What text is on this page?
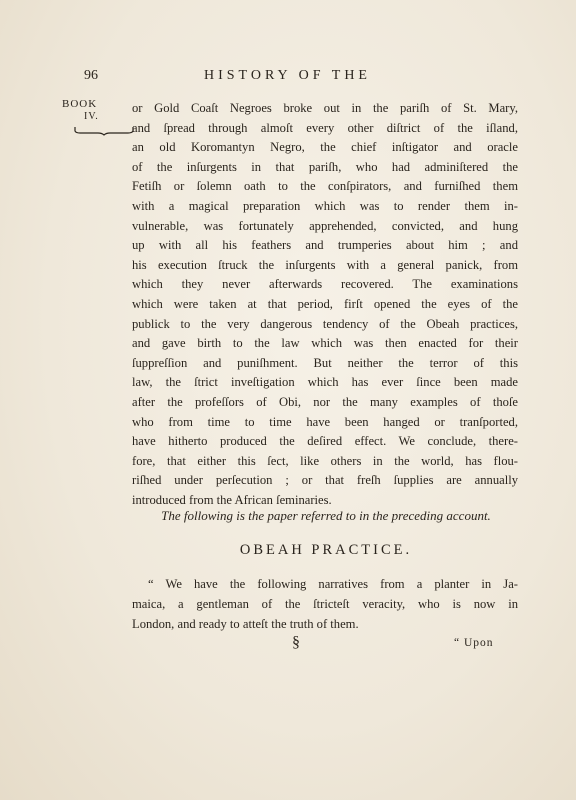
96	HISTORY OF THE
BOOK
IV.
or Gold Coaſt Negroes broke out in the pariſh of St. Mary,
and ſpread through almoſt every other diſtrict of the iſland,
an old Koromantyn Negro, the chief inſtigator and oracle
of the inſurgents in that pariſh, who had adminiſtered the
Fetiſh or ſolemn oath to the conſpirators, and furniſhed them
with a magical preparation which was to render them in-
vulnerable, was fortunately apprehended, convicted, and hung
up with all his feathers and trumperies about him ; and
his execution ſtruck the inſurgents with a general panick, from
which they never afterwards recovered. The examinations
which were taken at that period, firſt opened the eyes of the
publick to the very dangerous tendency of the Obeah practices,
and gave birth to the law which was then enacted for their
ſuppreſſion and puniſhment. But neither the terror of this
law, the ſtrict inveſtigation which has ever ſince been made
after the profeſſors of Obi, nor the many examples of thoſe
who from time to time have been hanged or tranſported,
have hitherto produced the deſired effect. We conclude, there-
fore, that either this ſect, like others in the world, has flou-
riſhed under perſecution ; or that freſh ſupplies are annually
introduced from the African ſeminaries.
The following is the paper referred to in the preceding account.
OBEAH PRACTICE.
“ We have the following narratives from a planter in Ja-
maica, a gentleman of the ſtricteſt veracity, who is now in
London, and ready to atteſt the truth of them.
§	“ Upon
